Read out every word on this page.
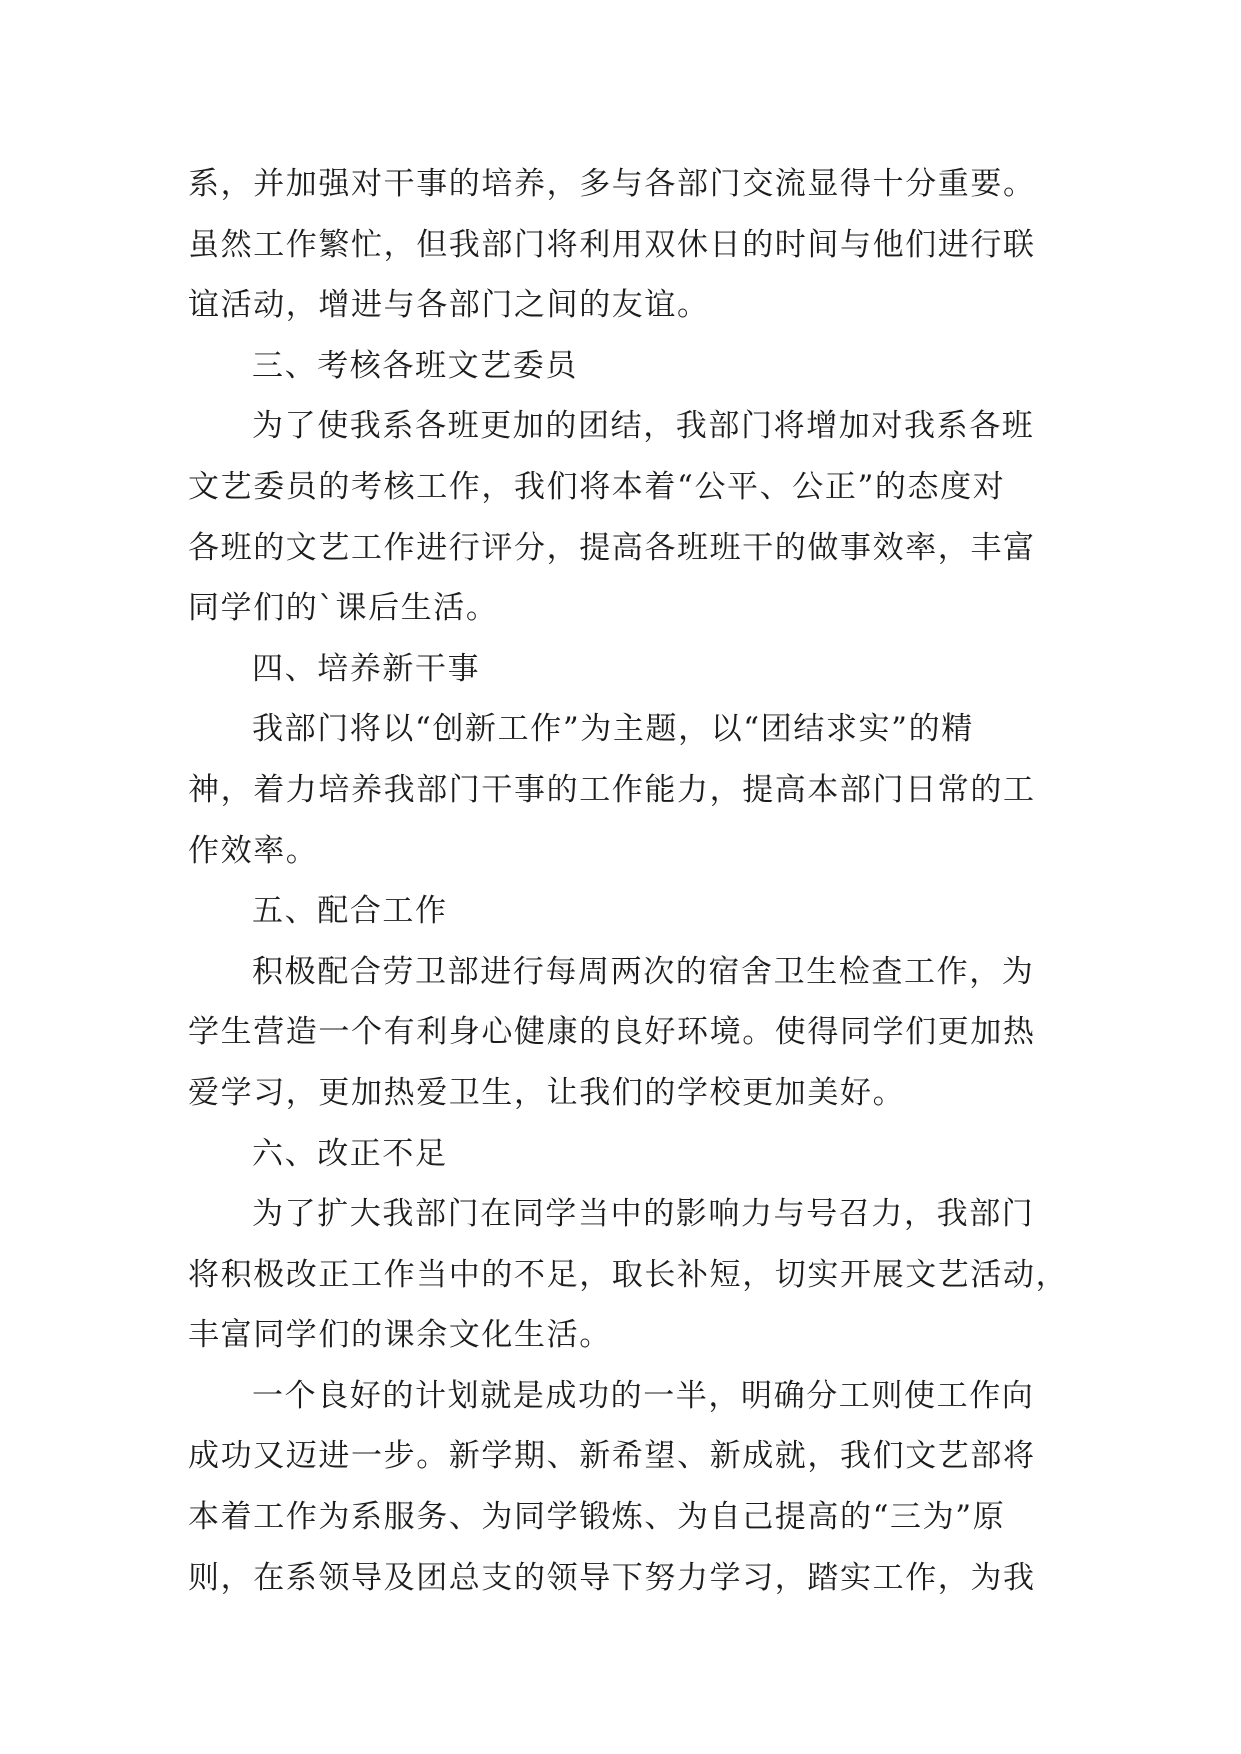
系，并加强对干事的培养，多与各部门交流显得十分重要。
虽然工作繁忙，但我部门将利用双休日的时间与他们进行联
谊活动，增进与各部门之间的友谊。
三、考核各班文艺委员
为了使我系各班更加的团结，我部门将增加对我系各班
文艺委员的考核工作，我们将本着“公平、公正”的态度对
各班的文艺工作进行评分，提高各班班干的做事效率，丰富
同学们的`课后生活。
四、培养新干事
我部门将以“创新工作”为主题，以“团结求实”的精
神，着力培养我部门干事的工作能力，提高本部门日常的工
作效率。
五、配合工作
积极配合劳卫部进行每周两次的宿舍卫生检查工作，为
学生营造一个有利身心健康的良好环境。使得同学们更加热
爱学习，更加热爱卫生，让我们的学校更加美好。
六、改正不足
为了扩大我部门在同学当中的影响力与号召力，我部门
将积极改正工作当中的不足，取长补短，切实开展文艺活动，
丰富同学们的课余文化生活。
一个良好的计划就是成功的一半，明确分工则使工作向
成功又迈进一步。新学期、新希望、新成就，我们文艺部将
本着工作为系服务、为同学锻炼、为自己提高的“三为”原
则，在系领导及团总支的领导下努力学习，踏实工作，为我
